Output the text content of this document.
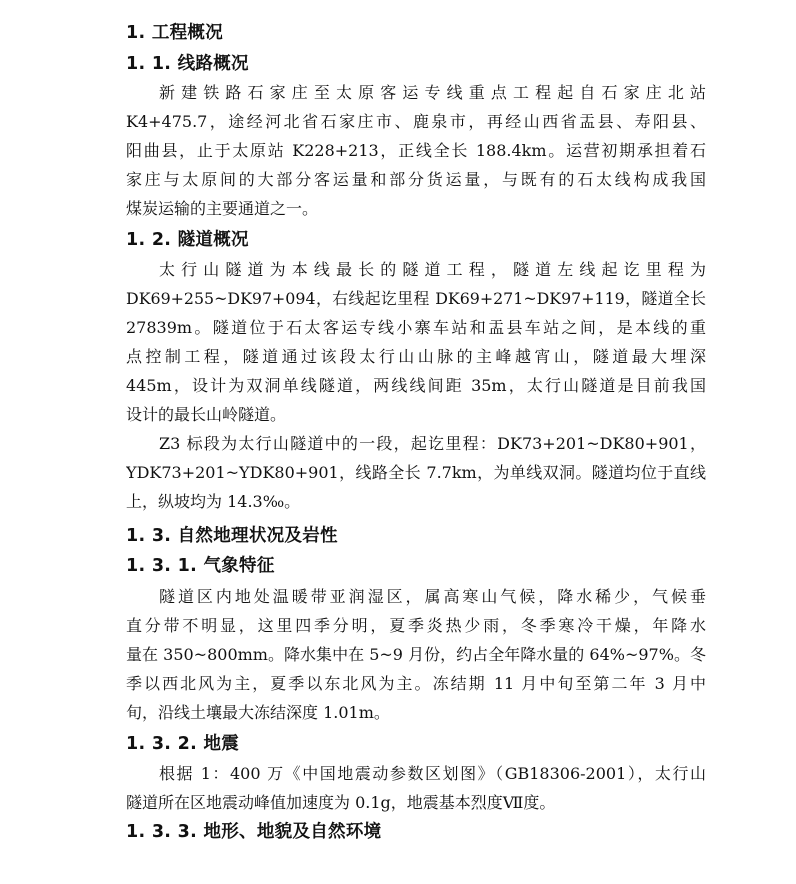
1. 工程概况
1. 1. 线路概况
新建铁路石家庄至太原客运专线重点工程起自石家庄北站
K4+475.7，途经河北省石家庄市、鹿泉市，再经山西省盂县、寿阳县、
阳曲县，止于太原站 K228+213，正线全长 188.4km。运营初期承担着石
家庄与太原间的大部分客运量和部分货运量，与既有的石太线构成我国
煤炭运输的主要通道之一。
1. 2. 隧道概况
太行山隧道为本线最长的隧道工程，隧道左线起讫里程为
DK69+255~DK97+094，右线起讫里程 DK69+271~DK97+119，隧道全长
27839m。隧道位于石太客运专线小寨车站和盂县车站之间，是本线的重
点控制工程，隧道通过该段太行山山脉的主峰越宵山，隧道最大埋深
445m，设计为双洞单线隧道，两线线间距 35m，太行山隧道是目前我国
设计的最长山岭隧道。
Z3 标段为太行山隧道中的一段，起讫里程：DK73+201~DK80+901，
YDK73+201~YDK80+901，线路全长 7.7km，为单线双洞。隧道均位于直线
上，纵坡均为 14.3‰。
1. 3. 自然地理状况及岩性
1. 3. 1. 气象特征
隧道区内地处温暖带亚润湿区，属高寒山气候，降水稀少，气候垂
直分带不明显，这里四季分明，夏季炎热少雨，冬季寒冷干燥，年降水
量在 350~800mm。降水集中在 5~9 月份，约占全年降水量的 64%~97%。冬
季以西北风为主，夏季以东北风为主。冻结期 11 月中旬至第二年 3 月中
旬，沿线土壤最大冻结深度 1.01m。
1. 3. 2. 地震
根据 1：400 万《中国地震动参数区划图》（GB18306-2001），太行山
隧道所在区地震动峰值加速度为 0.1g，地震基本烈度Ⅶ度。
1. 3. 3. 地形、地貌及自然环境
